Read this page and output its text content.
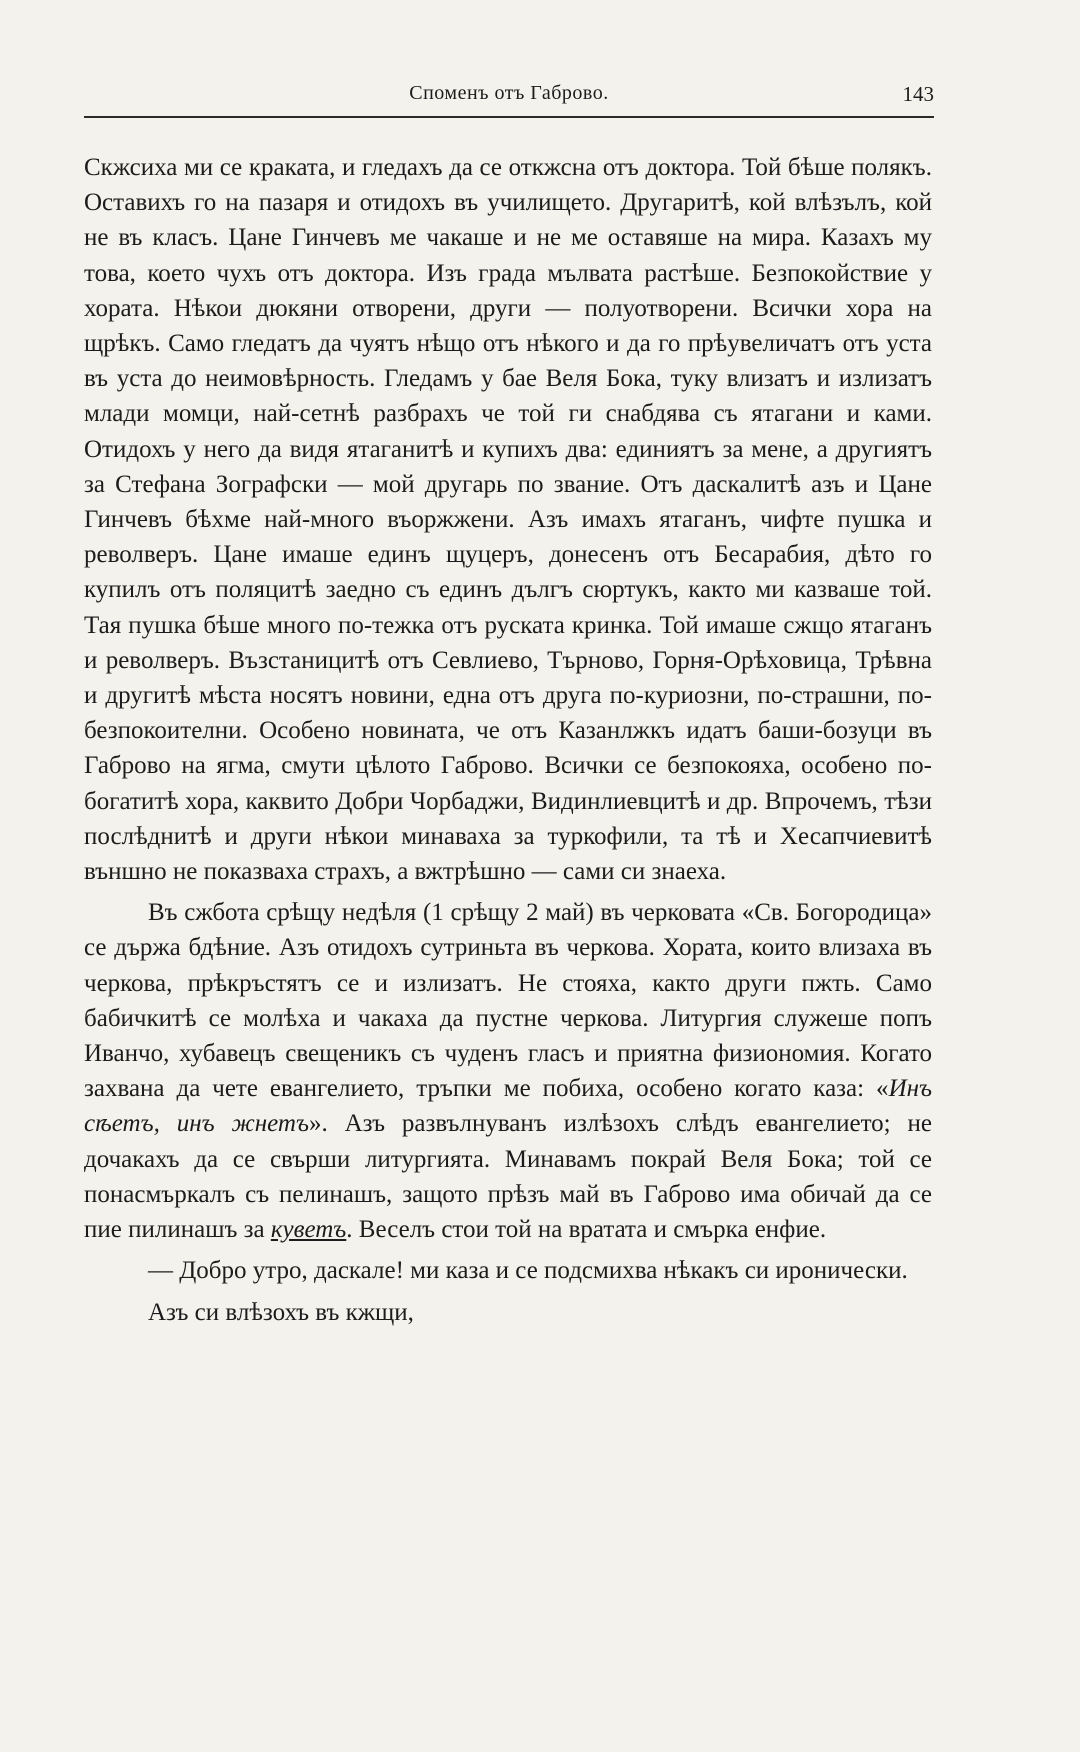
Споменъ отъ Габрово.	143

Скжсиха ми се краката, и гледахъ да се откжсна отъ доктора. Той бѣше полякъ. Оставихъ го на пазаря и отидохъ въ училището. Другаритѣ, кой влѣзълъ, кой не въ класъ. Цане Гинчевъ ме чакаше и не ме оставяше на мира. Казахъ му това, което чухъ отъ доктора. Изъ града мълвата растѣше. Безпокойствие у хората. Нѣкои дюкяни отворени, други — полуотворени. Всички хора на щрѣкъ. Само гледатъ да чуятъ нѣщо отъ нѣкого и да го прѣувеличатъ отъ уста въ уста до неимовѣрность. Гледамъ у бае Веля Бока, туку влизатъ и излизатъ млади момци, най-сетнѣ разбрахъ че той ги снабдява съ ятагани и ками. Отидохъ у него да видя ятаганитѣ и купихъ два: единиятъ за мене, а другиятъ за Стефана Зографски — мой другарь по звание. Отъ даскалитѣ азъ и Цане Гинчевъ бѣхме най-много въоржжени. Азъ имахъ ятаганъ, чифте пушка и револверъ. Цане имаше единъ щуцеръ, донесенъ отъ Бесарабия, дѣто го купилъ отъ поляцитѣ заедно съ единъ дългъ сюртукъ, както ми казваше той. Тая пушка бѣше много по-тежка отъ руската кринка. Той имаше сжщо ятаганъ и револверъ. Възстаницитѣ отъ Севлиево, Търново, Горня-Орѣховица, Трѣвна и другитѣ мѣста носятъ новини, една отъ друга по-куриозни, по-страшни, по-безпокоителни. Особено новината, че отъ Казанлжкъ идатъ баши-бозуци въ Габрово на ягма, смути цѣлото Габрово. Всички се безпокояха, особено по-богатитѣ хора, каквито Добри Чорбаджи, Видинлиевцитѣ и др. Впрочемъ, тѣзи послѣднитѣ и други нѣкои минаваха за туркофили, та тѣ и Хесапчиевитѣ външно не показваха страхъ, а вжтрѣшно — сами си знаеха.

Въ сжбота срѣщу недѣля (1 срѣщу 2 май) въ черковата «Св. Богородица» се държа бдѣние. Азъ отидохъ сутриньта въ черкова. Хората, които влизаха въ черкова, прѣкръстятъ се и излизатъ. Не стояха, както други пжть. Само бабичкитѣ се молѣха и чакаха да пустне черкова. Литургия служеше попъ Иванчо, хубавецъ свещеникъ съ чуденъ гласъ и приятна физиономия. Когато захвана да чете евангелието, тръпки ме побиха, особено когато каза: «Инъ сѣетъ, инъ жнетъ». Азъ развълнуванъ излѣзохъ слѣдъ евангелието; не дочакахъ да се свърши литургията. Минавамъ покрай Веля Бока; той се понасмъркалъ съ пелинашъ, защото прѣзъ май въ Габрово има обичай да се пие пилинашъ за куветъ. Веселъ стои той на вратата и смърка енфие.

— Добро утро, даскале! ми каза и се подсмихва нѣкакъ си иронически.

Азъ си влѣзохъ въ кжщи,
